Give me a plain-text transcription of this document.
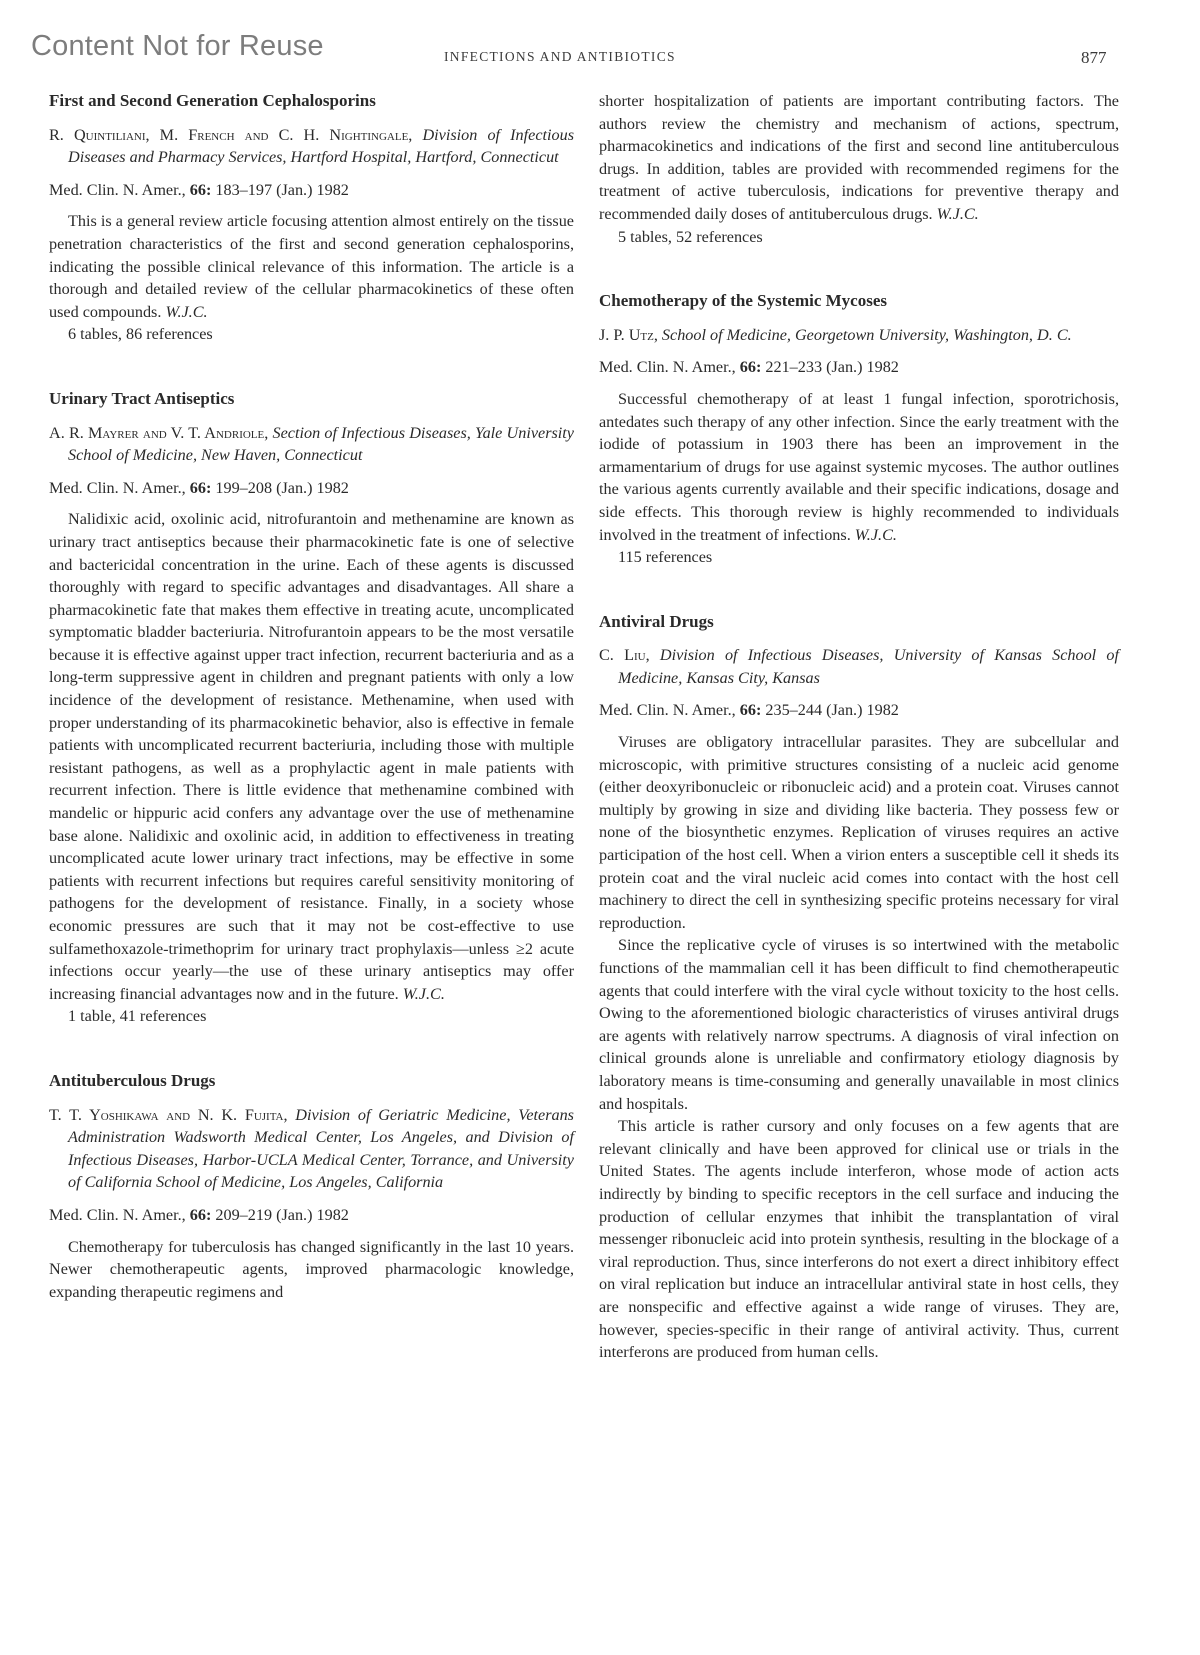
Content Not for Reuse	INFECTIONS AND ANTIBIOTICS	877

First and Second Generation Cephalosporins

R. Quintiliani, M. French and C. H. Nightingale, Division of Infectious Diseases and Pharmacy Services, Hartford Hospital, Hartford, Connecticut

Med. Clin. N. Amer., 66: 183–197 (Jan.) 1982

This is a general review article focusing attention almost entirely on the tissue penetration characteristics of the first and second generation cephalosporins, indicating the possible clinical relevance of this information. The article is a thorough and detailed review of the cellular pharmacokinetics of these often used compounds. W.J.C.

6 tables, 86 references

Urinary Tract Antiseptics

A. R. Mayrer and V. T. Andriole, Section of Infectious Diseases, Yale University School of Medicine, New Haven, Connecticut

Med. Clin. N. Amer., 66: 199–208 (Jan.) 1982

Nalidixic acid, oxolinic acid, nitrofurantoin and methenamine are known as urinary tract antiseptics because their pharmacokinetic fate is one of selective and bactericidal concentration in the urine. Each of these agents is discussed thoroughly with regard to specific advantages and disadvantages. All share a pharmacokinetic fate that makes them effective in treating acute, uncomplicated symptomatic bladder bacteriuria. Nitrofurantoin appears to be the most versatile because it is effective against upper tract infection, recurrent bacteriuria and as a long-term suppressive agent in children and pregnant patients with only a low incidence of the development of resistance. Methenamine, when used with proper understanding of its pharmacokinetic behavior, also is effective in female patients with uncomplicated recurrent bacteriuria, including those with multiple resistant pathogens, as well as a prophylactic agent in male patients with recurrent infection. There is little evidence that methenamine combined with mandelic or hippuric acid confers any advantage over the use of methenamine base alone. Nalidixic and oxolinic acid, in addition to effectiveness in treating uncomplicated acute lower urinary tract infections, may be effective in some patients with recurrent infections but requires careful sensitivity monitoring of pathogens for the development of resistance. Finally, in a society whose economic pressures are such that it may not be cost-effective to use sulfamethoxazole-trimethoprim for urinary tract prophylaxis—unless ≥2 acute infections occur yearly—the use of these urinary antiseptics may offer increasing financial advantages now and in the future. W.J.C.

1 table, 41 references

Antituberculous Drugs

T. T. Yoshikawa and N. K. Fujita, Division of Geriatric Medicine, Veterans Administration Wadsworth Medical Center, Los Angeles, and Division of Infectious Diseases, Harbor-UCLA Medical Center, Torrance, and University of California School of Medicine, Los Angeles, California

Med. Clin. N. Amer., 66: 209–219 (Jan.) 1982

Chemotherapy for tuberculosis has changed significantly in the last 10 years. Newer chemotherapeutic agents, improved pharmacologic knowledge, expanding therapeutic regimens and

shorter hospitalization of patients are important contributing factors. The authors review the chemistry and mechanism of actions, spectrum, pharmacokinetics and indications of the first and second line antituberculous drugs. In addition, tables are provided with recommended regimens for the treatment of active tuberculosis, indications for preventive therapy and recommended daily doses of antituberculous drugs. W.J.C.

5 tables, 52 references

Chemotherapy of the Systemic Mycoses

J. P. Utz, School of Medicine, Georgetown University, Washington, D. C.

Med. Clin. N. Amer., 66: 221–233 (Jan.) 1982

Successful chemotherapy of at least 1 fungal infection, sporotrichosis, antedates such therapy of any other infection. Since the early treatment with the iodide of potassium in 1903 there has been an improvement in the armamentarium of drugs for use against systemic mycoses. The author outlines the various agents currently available and their specific indications, dosage and side effects. This thorough review is highly recommended to individuals involved in the treatment of infections. W.J.C.

115 references

Antiviral Drugs

C. Liu, Division of Infectious Diseases, University of Kansas School of Medicine, Kansas City, Kansas

Med. Clin. N. Amer., 66: 235–244 (Jan.) 1982

Viruses are obligatory intracellular parasites. They are subcellular and microscopic, with primitive structures consisting of a nucleic acid genome (either deoxyribonucleic or ribonucleic acid) and a protein coat. Viruses cannot multiply by growing in size and dividing like bacteria. They possess few or none of the biosynthetic enzymes. Replication of viruses requires an active participation of the host cell. When a virion enters a susceptible cell it sheds its protein coat and the viral nucleic acid comes into contact with the host cell machinery to direct the cell in synthesizing specific proteins necessary for viral reproduction.

Since the replicative cycle of viruses is so intertwined with the metabolic functions of the mammalian cell it has been difficult to find chemotherapeutic agents that could interfere with the viral cycle without toxicity to the host cells. Owing to the aforementioned biologic characteristics of viruses antiviral drugs are agents with relatively narrow spectrums. A diagnosis of viral infection on clinical grounds alone is unreliable and confirmatory etiology diagnosis by laboratory means is time-consuming and generally unavailable in most clinics and hospitals.

This article is rather cursory and only focuses on a few agents that are relevant clinically and have been approved for clinical use or trials in the United States. The agents include interferon, whose mode of action acts indirectly by binding to specific receptors in the cell surface and inducing the production of cellular enzymes that inhibit the transplantation of viral messenger ribonucleic acid into protein synthesis, resulting in the blockage of a viral reproduction. Thus, since interferons do not exert a direct inhibitory effect on viral replication but induce an intracellular antiviral state in host cells, they are nonspecific and effective against a wide range of viruses. They are, however, species-specific in their range of antiviral activity. Thus, current interferons are produced from human cells.
